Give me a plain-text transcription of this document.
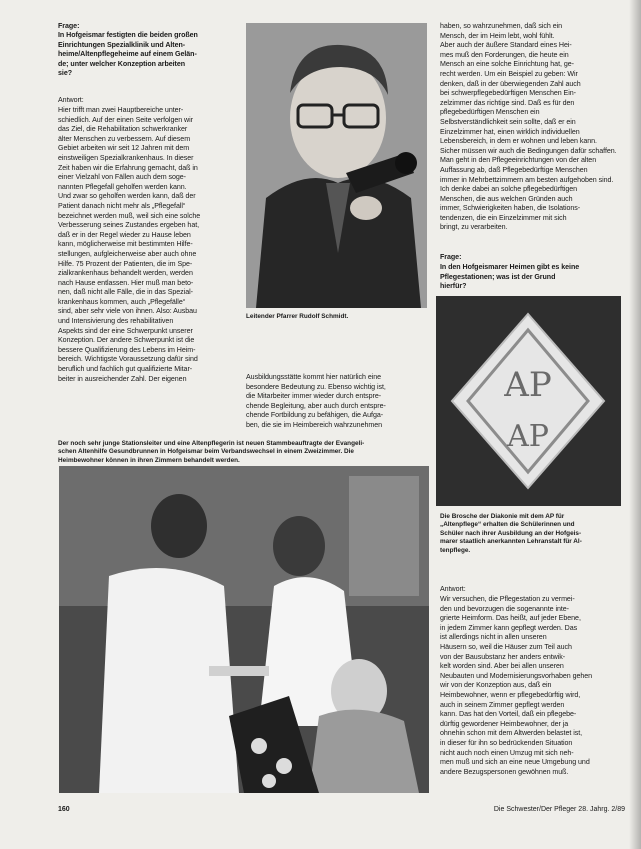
Frage:
In Hofgeismar festigten die beiden großen
Einrichtungen Spezialklinik und Alten-
heime/Altenpflegeheime auf einem Gelän-
de; unter welcher Konzeption arbeiten
sie?
Antwort:
Hier trifft man zwei Hauptbereiche unter-
schiedlich. Auf der einen Seite verfolgen wir
das Ziel, die Rehabilitation schwerkranker
älter Menschen zu verbessern. Auf diesem
Gebiet arbeiten wir seit 12 Jahren mit dem
einstweiligen Spezialkrankenhaus. In dieser
Zeit haben wir die Erfahrung gemacht, daß in
einer Vielzahl von Fällen auch dem soge-
nannten Pflegefall geholfen werden kann.
Und zwar so geholfen werden kann, daß der
Patient danach nicht mehr als „Pflegefall“
bezeichnet werden muß, weil sich eine solche
Verbesserung seines Zustandes ergeben hat,
daß er in der Regel wieder zu Hause leben
kann, möglicherweise mit bestimmten Hilfe-
stellungen, aufgleicherweise aber auch ohne
Hilfe. 75 Prozent der Patienten, die im Spe-
zialkrankenhaus behandelt werden, werden
nach Hause entlassen. Hier muß man beto-
nen, daß nicht alle Fälle, die in das Spezial-
krankenhaus kommen, auch „Pflegefälle“
sind, aber sehr viele von ihnen. Also: Ausbau
und Intensivierung des rehabilitativen
Aspekts sind der eine Schwerpunkt unserer
Konzeption. Der andere Schwerpunkt ist die
bessere Qualifizierung des Lebens im Heim-
bereich. Wichtigste Voraussetzung dafür sind
beruflich und fachlich gut qualifizierte Mitar-
beiter in ausreichender Zahl. Der eigenen
Leitender Pfarrer Rudolf Schmidt.
Ausbildungsstätte kommt hier natürlich eine
besondere Bedeutung zu. Ebenso wichtig ist,
die Mitarbeiter immer wieder durch entspre-
chende Begleitung, aber auch durch entspre-
chende Fortbildung zu befähigen, die Aufga-
ben, die sie im Heimbereich wahrzunehmen
haben, so wahrzunehmen, daß sich ein
Mensch, der im Heim lebt, wohl fühlt.
Aber auch der äußere Standard eines Hei-
mes muß den Forderungen, die heute ein
Mensch an eine solche Einrichtung hat, ge-
recht werden. Um ein Beispiel zu geben: Wir
denken, daß in der überwiegenden Zahl auch
bei schwerpflegebedürftigen Menschen Ein-
zelzimmer das richtige sind. Daß es für den
pflegebedürftigen Menschen ein
Selbstverständlichkeit sein sollte, daß er ein
Einzelzimmer hat, einen wirklich individuellen
Lebensbereich, in dem er wohnen und leben kann.
Sicher müssen wir auch die Bedingungen dafür schaffen.
Man geht in den Pflegeeinrichtungen von der alten
Auffassung ab, daß Pflegebedürftige Menschen
immer in Mehrbettzimmern am besten aufgehoben sind.
Ich denke dabei an solche pflegebedürftigen
Menschen, die aus welchen Gründen auch
immer, Schwierigkeiten haben, die Isolations-
tendenzen, die ein Einzelzimmer mit sich
bringt, zu verarbeiten.
Frage:
In den Hofgeismarer Heimen gibt es keine
Pflegestationen; was ist der Grund
hierfür?
AP
AP
Die Brosche der Diakonie mit dem AP für
„Altenpflege“ erhalten die Schülerinnen und
Schüler nach ihrer Ausbildung an der Hofgeis-
marer staatlich anerkannten Lehranstalt für Al-
tenpflege.
Antwort:
Wir versuchen, die Pflegestation zu vermei-
den und bevorzugen die sogenannte inte-
grierte Heimform. Das heißt, auf jeder Ebene,
in jedem Zimmer kann gepflegt werden. Das
ist allerdings nicht in allen unseren
Häusern so, weil die Häuser zum Teil auch
von der Bausubstanz her anders entwik-
kelt worden sind. Aber bei allen unseren
Neubauten und Modernisierungsvorhaben gehen
wir von der Konzeption aus, daß ein
Heimbewohner, wenn er pflegebedürftig wird,
auch in seinem Zimmer gepflegt werden
kann. Das hat den Vorteil, daß ein pflegebe-
dürftig gewordener Heimbewohner, der ja
ohnehin schon mit dem Altwerden belastet ist,
in dieser für ihn so bedrückenden Situation
nicht auch noch einen Umzug mit sich neh-
men muß und sich an eine neue Umgebung und
andere Bezugspersonen gewöhnen muß.
Der noch sehr junge Stationsleiter und eine Altenpflegerin ist neuen Stammbeauftragte der Evangeli-
schen Altenhilfe Gesundbrunnen in Hofgeismar beim Verbandswechsel in einem Zweizimmer. Die
Heimbewohner können in ihren Zimmern behandelt werden.
160	Die Schwester/Der Pfleger 28. Jahrg. 2/89
